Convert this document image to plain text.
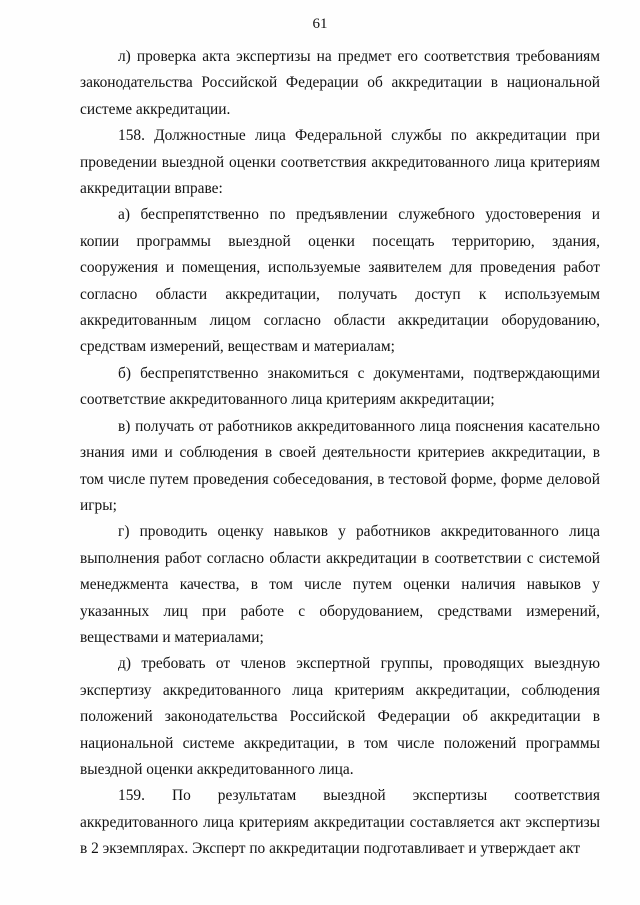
61

л) проверка акта экспертизы на предмет его соответствия требованиям законодательства Российской Федерации об аккредитации в национальной системе аккредитации.

158. Должностные лица Федеральной службы по аккредитации при проведении выездной оценки соответствия аккредитованного лица критериям аккредитации вправе:

а) беспрепятственно по предъявлении служебного удостоверения и копии программы выездной оценки посещать территорию, здания, сооружения и помещения, используемые заявителем для проведения работ согласно области аккредитации, получать доступ к используемым аккредитованным лицом согласно области аккредитации оборудованию, средствам измерений, веществам и материалам;

б) беспрепятственно знакомиться с документами, подтверждающими соответствие аккредитованного лица критериям аккредитации;

в) получать от работников аккредитованного лица пояснения касательно знания ими и соблюдения в своей деятельности критериев аккредитации, в том числе путем проведения собеседования, в тестовой форме, форме деловой игры;

г) проводить оценку навыков у работников аккредитованного лица выполнения работ согласно области аккредитации в соответствии с системой менеджмента качества, в том числе путем оценки наличия навыков у указанных лиц при работе с оборудованием, средствами измерений, веществами и материалами;

д) требовать от членов экспертной группы, проводящих выездную экспертизу аккредитованного лица критериям аккредитации, соблюдения положений законодательства Российской Федерации об аккредитации в национальной системе аккредитации, в том числе положений программы выездной оценки аккредитованного лица.

159. По результатам выездной экспертизы соответствия аккредитованного лица критериям аккредитации составляется акт экспертизы в 2 экземплярах. Эксперт по аккредитации подготавливает и утверждает акт
